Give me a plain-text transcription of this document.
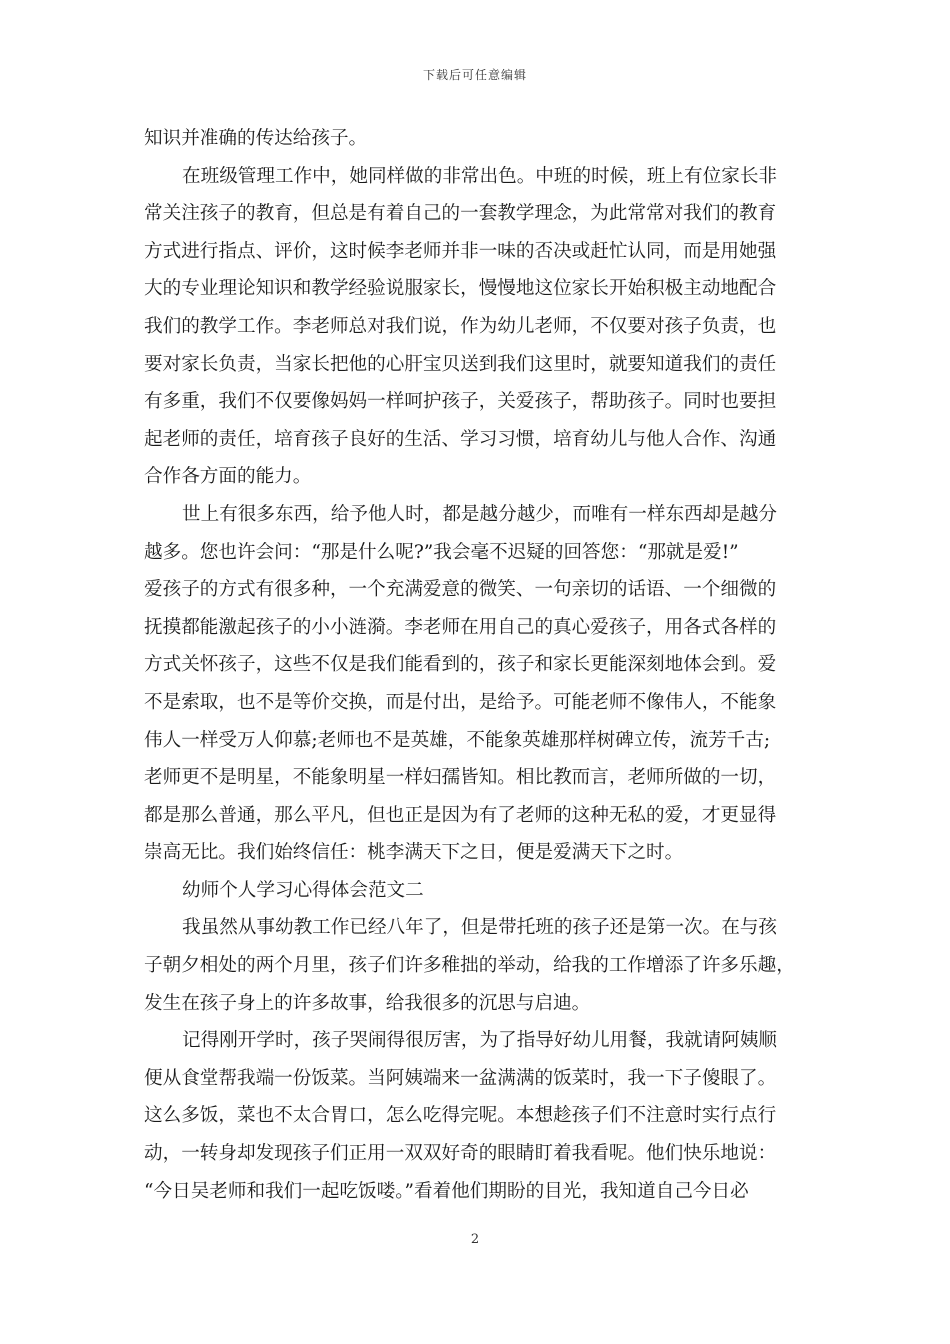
下载后可任意编辑
知识并准确的传达给孩子。
在班级管理工作中，她同样做的非常出色。中班的时候，班上有位家长非
常关注孩子的教育，但总是有着自己的一套教学理念，为此常常对我们的教育
方式进行指点、评价，这时候李老师并非一味的否决或赶忙认同，而是用她强
大的专业理论知识和教学经验说服家长，慢慢地这位家长开始积极主动地配合
我们的教学工作。李老师总对我们说，作为幼儿老师，不仅要对孩子负责，也
要对家长负责，当家长把他的心肝宝贝送到我们这里时，就要知道我们的责任
有多重，我们不仅要像妈妈一样呵护孩子，关爱孩子，帮助孩子。同时也要担
起老师的责任，培育孩子良好的生活、学习习惯，培育幼儿与他人合作、沟通
合作各方面的能力。
世上有很多东西，给予他人时，都是越分越少，而唯有一样东西却是越分
越多。您也许会问：“那是什么呢?”我会毫不迟疑的回答您：“那就是爱!”
爱孩子的方式有很多种，一个充满爱意的微笑、一句亲切的话语、一个细微的
抚摸都能激起孩子的小小涟漪。李老师在用自己的真心爱孩子，用各式各样的
方式关怀孩子，这些不仅是我们能看到的，孩子和家长更能深刻地体会到。爱
不是索取，也不是等价交换，而是付出，是给予。可能老师不像伟人，不能象
伟人一样受万人仰慕;老师也不是英雄，不能象英雄那样树碑立传，流芳千古;
老师更不是明星，不能象明星一样妇孺皆知。相比教而言，老师所做的一切，
都是那么普通，那么平凡，但也正是因为有了老师的这种无私的爱，才更显得
崇高无比。我们始终信任：桃李满天下之日，便是爱满天下之时。
幼师个人学习心得体会范文二
我虽然从事幼教工作已经八年了，但是带托班的孩子还是第一次。在与孩
子朝夕相处的两个月里，孩子们许多稚拙的举动，给我的工作增添了许多乐趣，
发生在孩子身上的许多故事，给我很多的沉思与启迪。
记得刚开学时，孩子哭闹得很厉害，为了指导好幼儿用餐，我就请阿姨顺
便从食堂帮我端一份饭菜。当阿姨端来一盆满满的饭菜时，我一下子傻眼了。
这么多饭，菜也不太合胃口，怎么吃得完呢。本想趁孩子们不注意时实行点行
动，一转身却发现孩子们正用一双双好奇的眼睛盯着我看呢。他们快乐地说：
“今日吴老师和我们一起吃饭喽。”看着他们期盼的目光，我知道自己今日必
2
